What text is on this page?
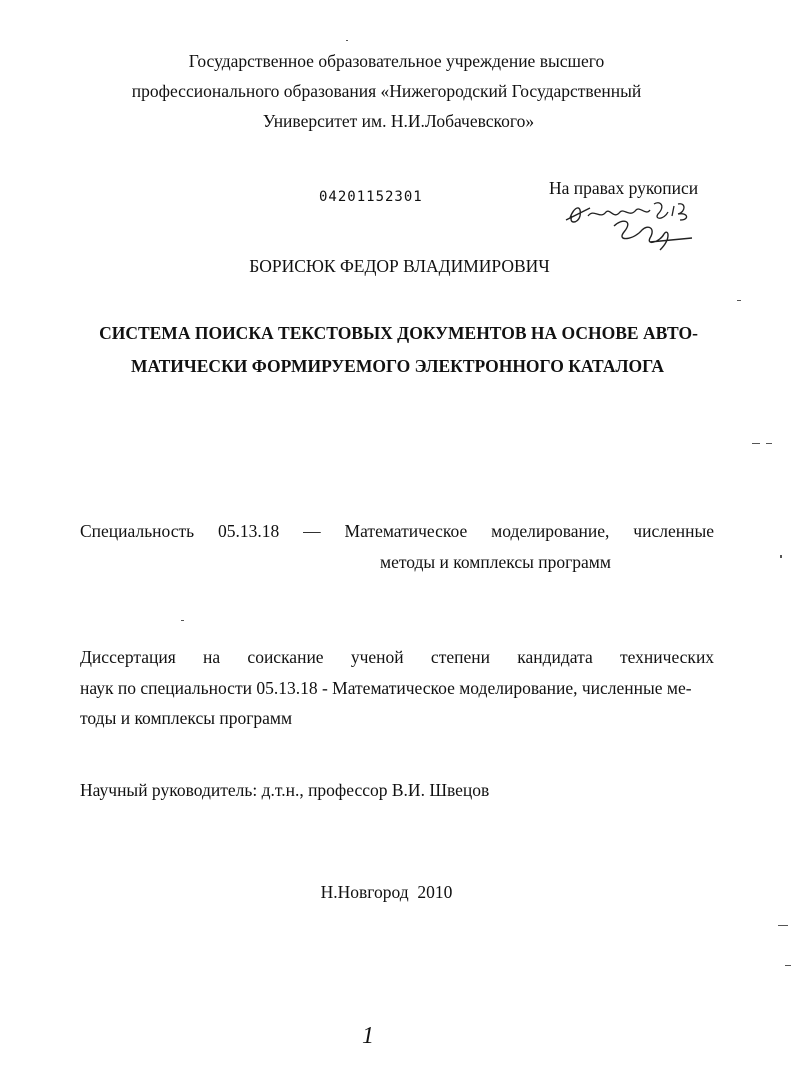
Государственное образовательное учреждение высшего
профессионального образования «Нижегородский Государственный
Университет им. Н.И.Лобачевского»
04201152301	На правах рукописи
БОРИСЮК ФЕДОР ВЛАДИМИРОВИЧ
СИСТЕМА ПОИСКА ТЕКСТОВЫХ ДОКУМЕНТОВ НА ОСНОВЕ АВТО-
МАТИЧЕСКИ ФОРМИРУЕМОГО ЭЛЕКТРОННОГО КАТАЛОГА
Специальность 05.13.18 — Математическое моделирование, численные
методы и комплексы программ
Диссертация на соискание ученой степени кандидата технических
наук по специальности 05.13.18 - Математическое моделирование, численные ме-
тоды и комплексы программ
Научный руководитель: д.т.н., профессор В.И. Швецов
Н.Новгород  2010
1
